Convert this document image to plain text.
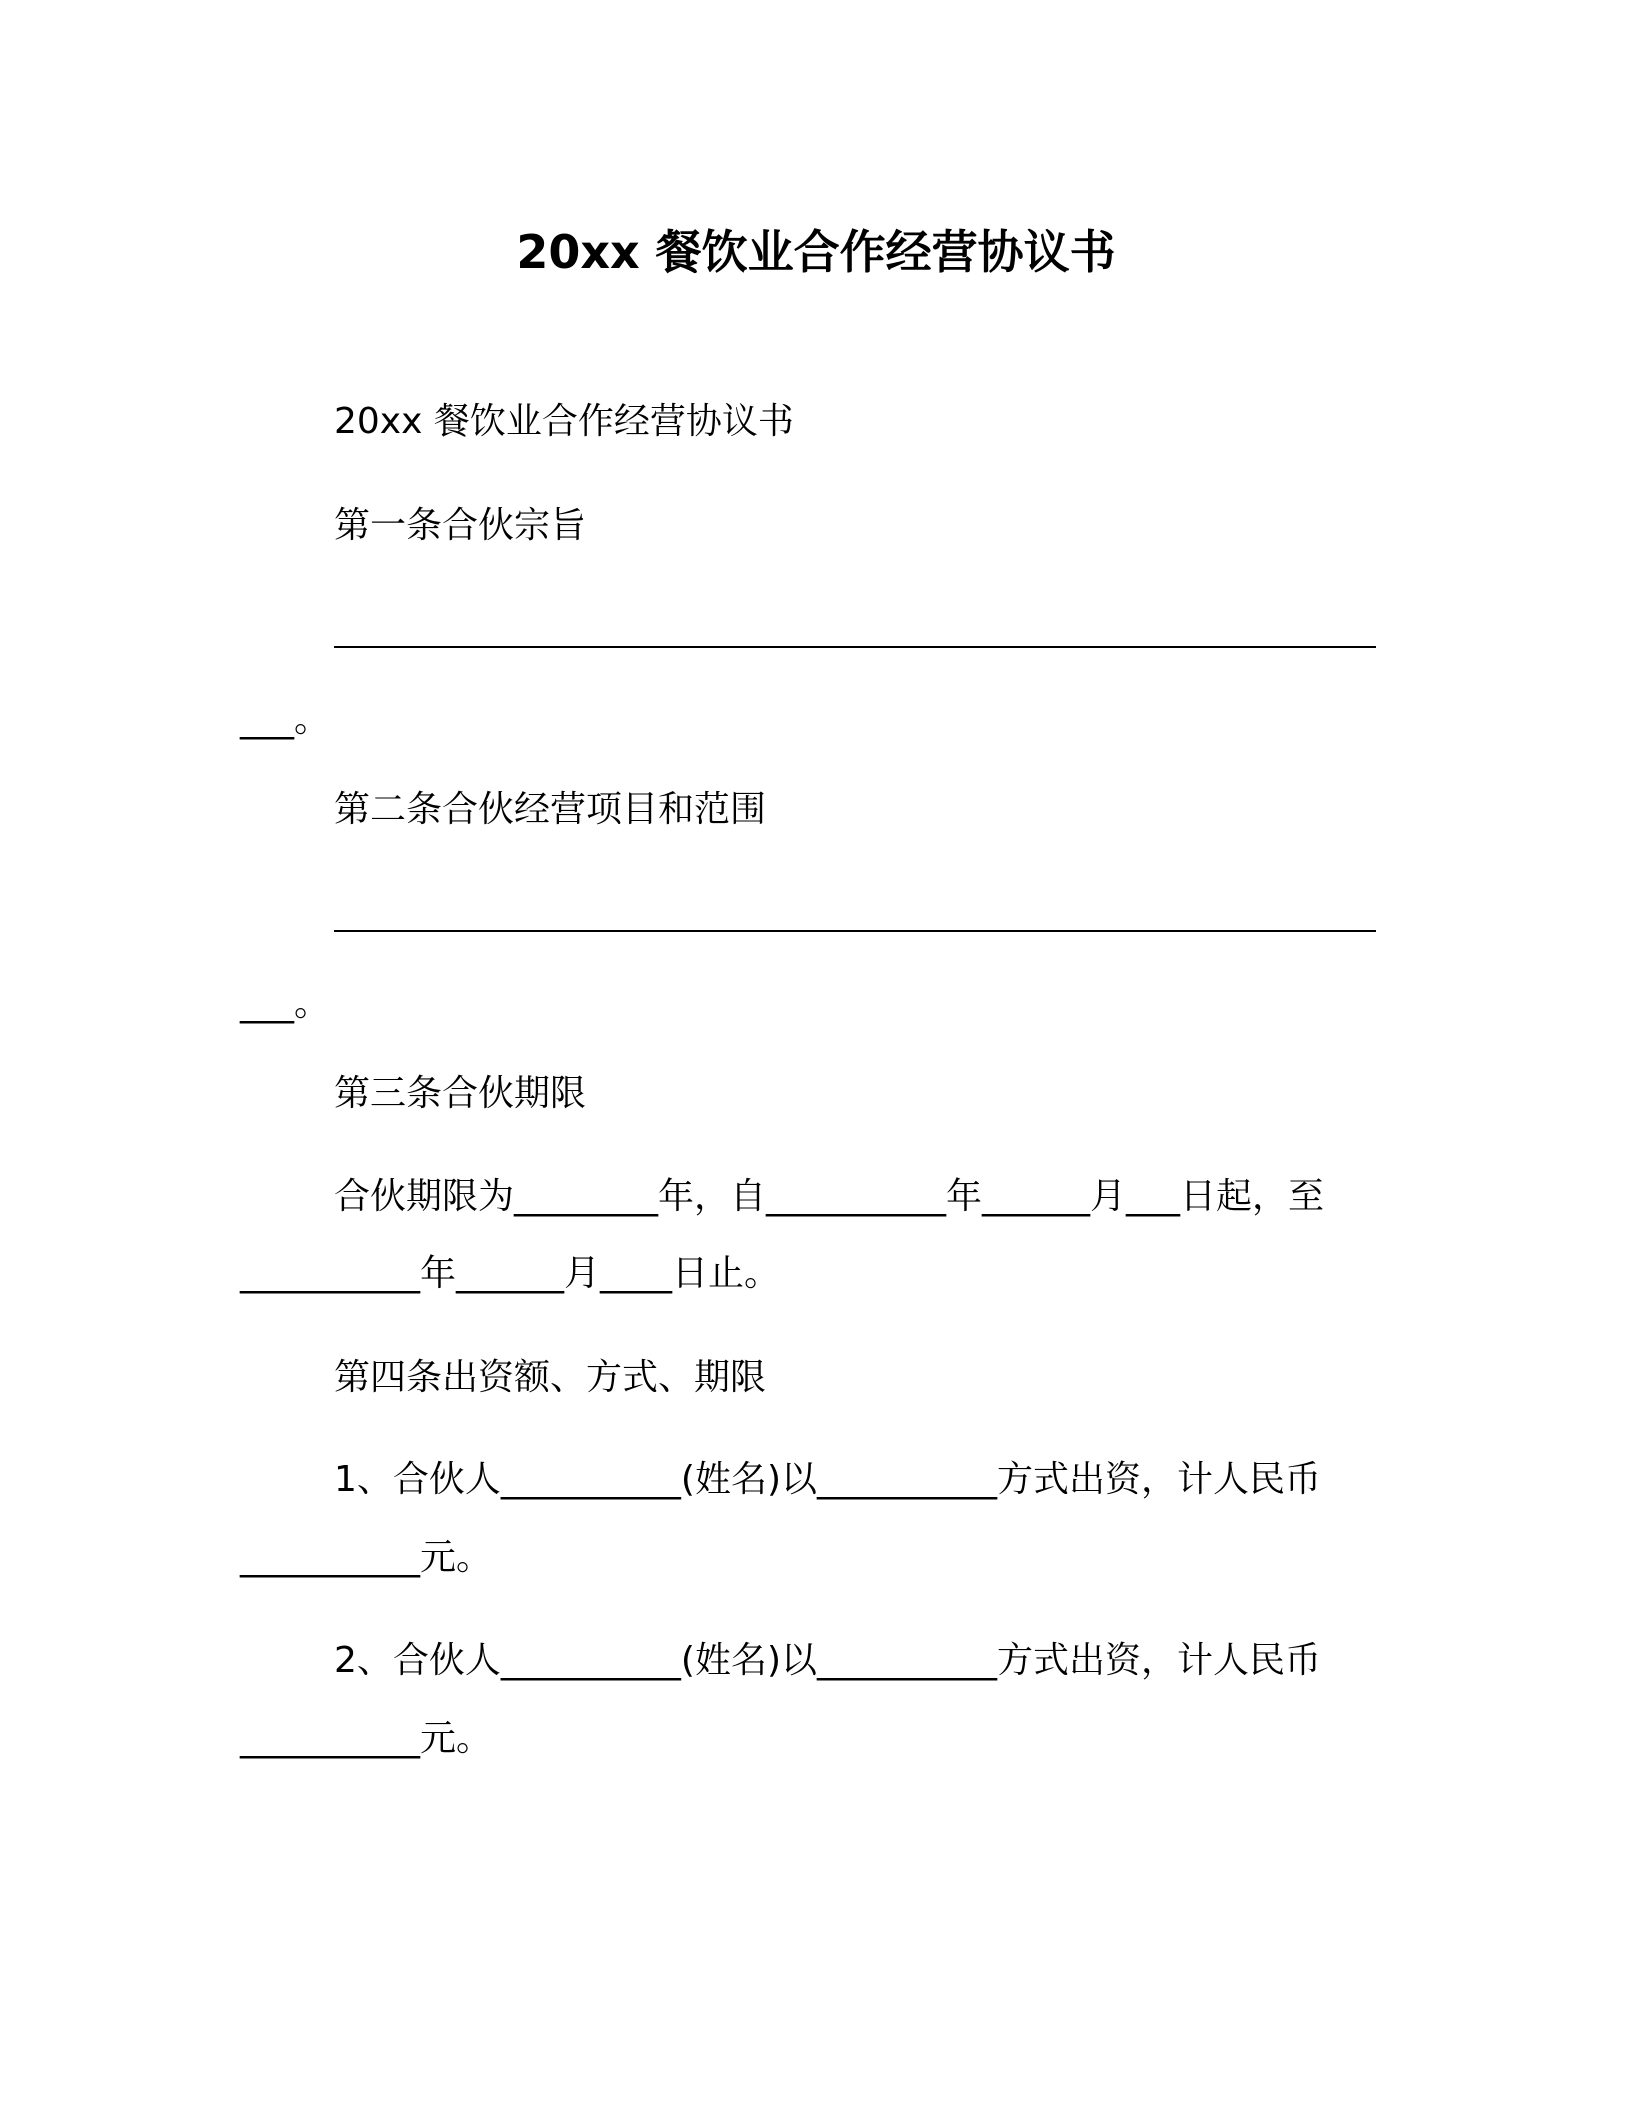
20xx 餐饮业合作经营协议书
20xx 餐饮业合作经营协议书
第一条合伙宗旨
___。
第二条合伙经营项目和范围
___。
第三条合伙期限
合伙期限为________年，自__________年______月___日起，至
__________年______月____日止。
第四条出资额、方式、期限
1、合伙人__________(姓名)以__________方式出资，计人民币
__________元。
2、合伙人__________(姓名)以__________方式出资，计人民币
__________元。
